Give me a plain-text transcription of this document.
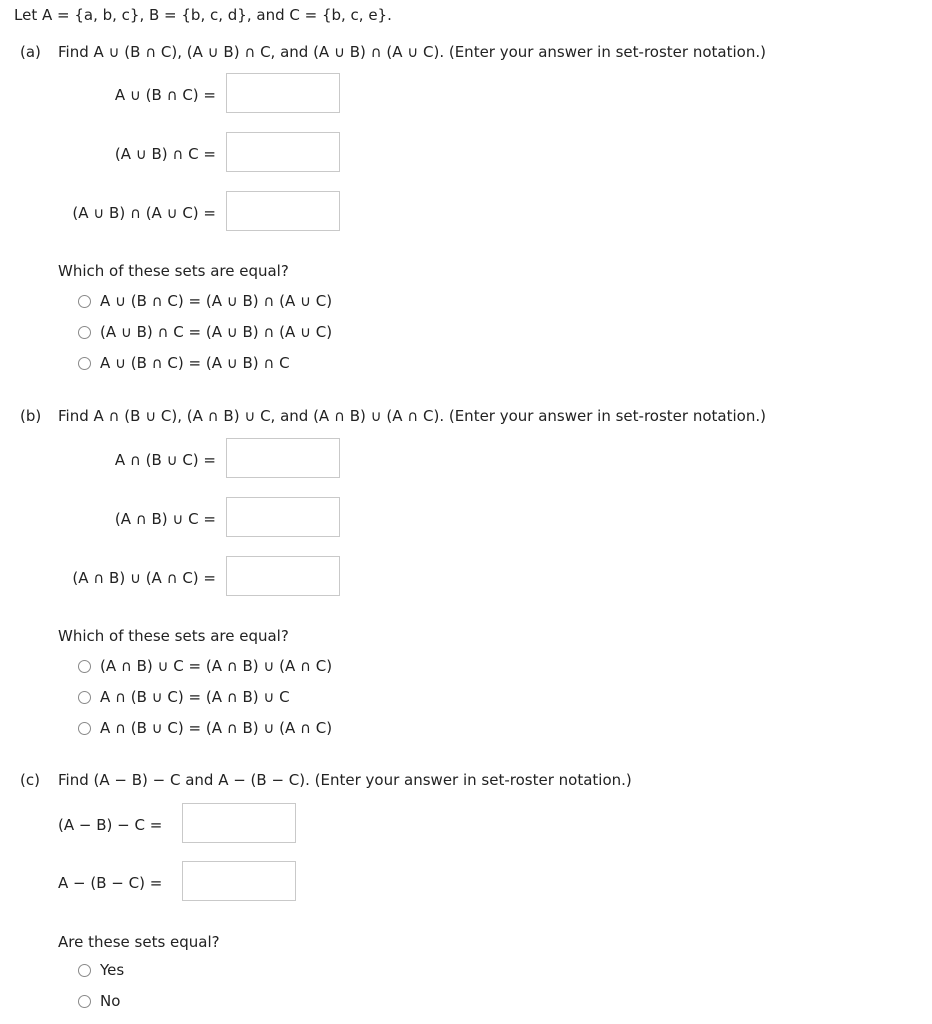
Let A = {a, b, c}, B = {b, c, d}, and C = {b, c, e}.
(a) Find A ∪ (B ∩ C), (A ∪ B) ∩ C, and (A ∪ B) ∩ (A ∪ C). (Enter your answer in set-roster notation.)
A ∪ (B ∩ C) =
(A ∪ B) ∩ C =
(A ∪ B) ∩ (A ∪ C) =
Which of these sets are equal?
A ∪ (B ∩ C) = (A ∪ B) ∩ (A ∪ C)
(A ∪ B) ∩ C = (A ∪ B) ∩ (A ∪ C)
A ∪ (B ∩ C) = (A ∪ B) ∩ C
(b) Find A ∩ (B ∪ C), (A ∩ B) ∪ C, and (A ∩ B) ∪ (A ∩ C). (Enter your answer in set-roster notation.)
A ∩ (B ∪ C) =
(A ∩ B) ∪ C =
(A ∩ B) ∪ (A ∩ C) =
Which of these sets are equal?
(A ∩ B) ∪ C = (A ∩ B) ∪ (A ∩ C)
A ∩ (B ∪ C) = (A ∩ B) ∪ C
A ∩ (B ∪ C) = (A ∩ B) ∪ (A ∩ C)
(c) Find (A − B) − C and A − (B − C). (Enter your answer in set-roster notation.)
(A − B) − C =
A − (B − C) =
Are these sets equal?
Yes
No
